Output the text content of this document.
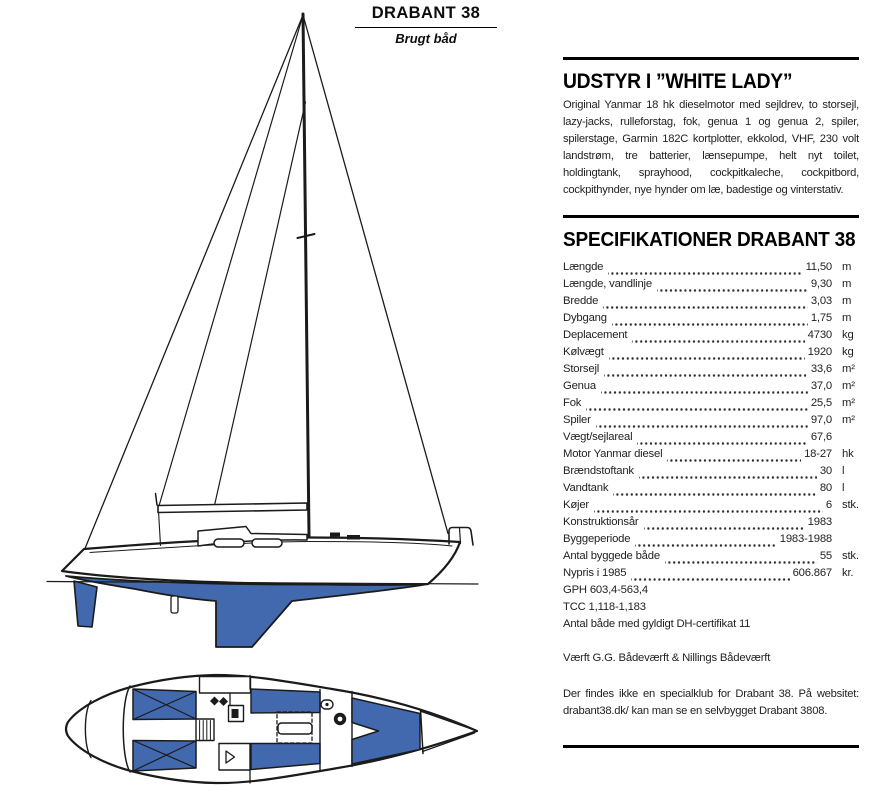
DRABANT 38
Brugt båd
UDSTYR I ”WHITE LADY”
Original Yanmar 18 hk dieselmotor med sejldrev, to storsejl, lazy-jacks, rulleforstag, fok, genua 1 og genua 2, spiler, spilerstage, Garmin 182C kortplotter, ekkolod, VHF, 230 volt landstrøm, tre batterier, lænsepumpe, helt nyt toilet, holdingtank, sprayhood, cockpitkaleche, cockpitbord, cockpithynder, nye hynder om læ, badestige og vinterstativ.
SPECIFIKATIONER DRABANT 38
Længde	11,50 m
Længde, vandlinje	9,30 m
Bredde	3,03 m
Dybgang	1,75 m
Deplacement	4730 kg
Kølvægt	1920 kg
Storsejl	33,6 m²
Genua	37,0 m²
Fok	25,5 m²
Spiler	97,0 m²
Vægt/sejlareal	67,6
Motor Yanmar diesel	18-27 hk
Brændstoftank	30 l
Vandtank	80 l
Køjer	6 stk.
Konstruktionsår	1983
Byggeperiode	1983-1988
Antal byggede både	55 stk.
Nypris i 1985	606.867 kr.
GPH 603,4-563,4
TCC 1,118-1,183
Antal både med gyldigt DH-certifikat 11
Værft G.G. Bådeværft & Nillings Bådeværft
Der findes ikke en specialklub for Drabant 38. På websitet: drabant38.dk/ kan man se en selvbygget Drabant 3808.
